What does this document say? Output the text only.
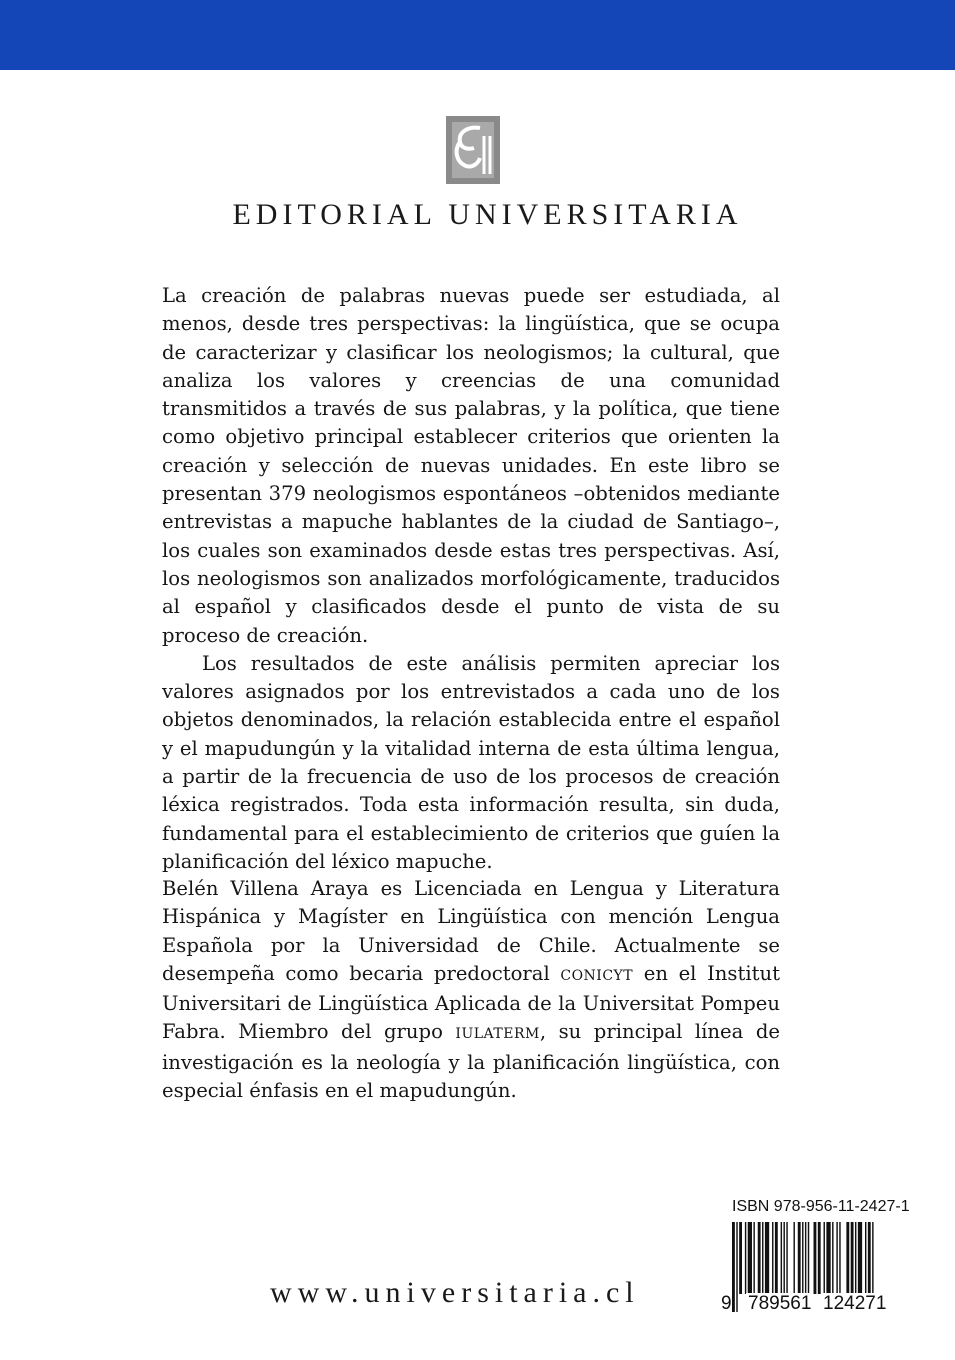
EDITORIAL UNIVERSITARIA

La creación de palabras nuevas puede ser estudiada, al menos, desde tres perspectivas: la lingüística, que se ocupa de caracterizar y clasificar los neologismos; la cultural, que analiza los valores y creencias de una comunidad transmitidos a través de sus palabras, y la política, que tiene como objetivo principal establecer criterios que orienten la creación y selección de nuevas unidades. En este libro se presentan 379 neologismos espontáneos –obtenidos mediante entrevistas a mapuche hablantes de la ciudad de Santiago–, los cuales son examinados desde estas tres perspectivas. Así, los neologismos son analizados morfológicamente, traducidos al español y clasificados desde el punto de vista de su proceso de creación.

Los resultados de este análisis permiten apreciar los valores asignados por los entrevistados a cada uno de los objetos denominados, la relación establecida entre el español y el mapudungún y la vitalidad interna de esta última lengua, a partir de la frecuencia de uso de los procesos de creación léxica registrados. Toda esta información resulta, sin duda, fundamental para el establecimiento de criterios que guíen la planificación del léxico mapuche.

Belén Villena Araya es Licenciada en Lengua y Literatura Hispánica y Magíster en Lingüística con mención Lengua Española por la Universidad de Chile. Actualmente se desempeña como becaria predoctoral CONICYT en el Institut Universitari de Lingüística Aplicada de la Universitat Pompeu Fabra. Miembro del grupo IULATERM, su principal línea de investigación es la neología y la planificación lingüística, con especial énfasis en el mapudungún.

www.universitaria.cl
ISBN 978-956-11-2427-1
9 789561 124271
